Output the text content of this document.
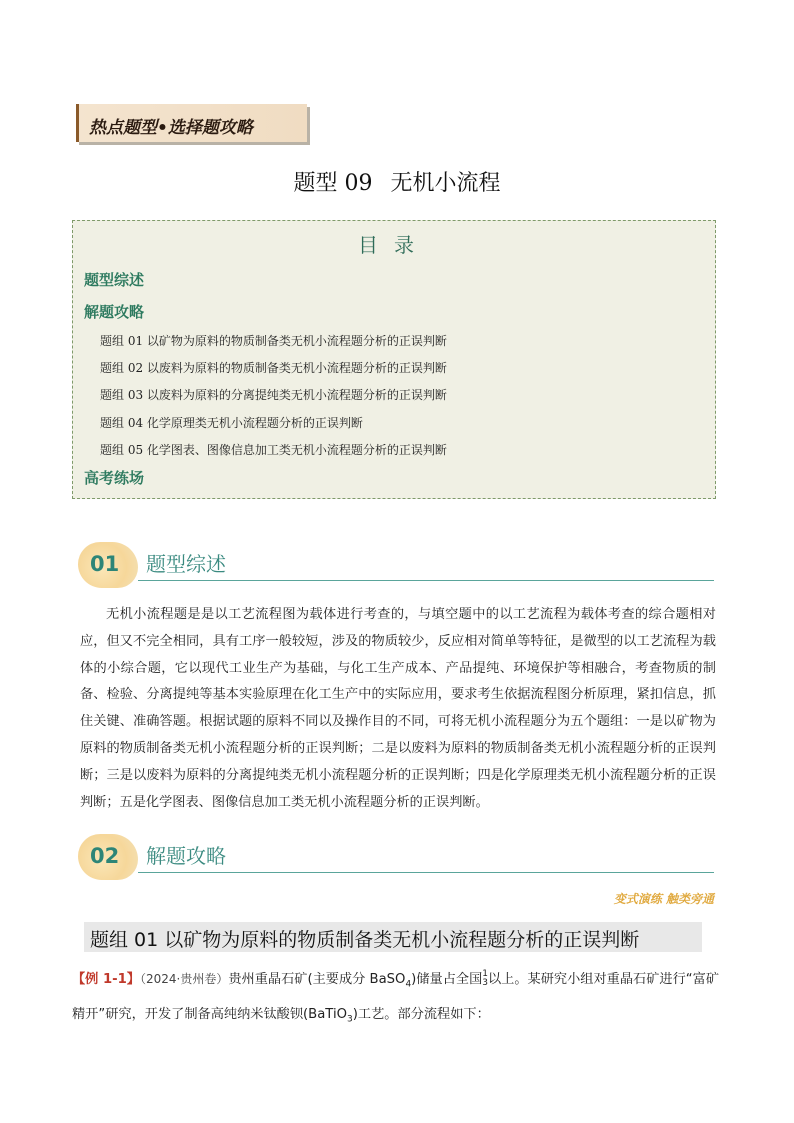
热点题型•选择题攻略
题型 09 无机小流程
目录
题型综述
解题攻略
题组 01 以矿物为原料的物质制备类无机小流程题分析的正误判断
题组 02 以废料为原料的物质制备类无机小流程题分析的正误判断
题组 03 以废料为原料的分离提纯类无机小流程题分析的正误判断
题组 04 化学原理类无机小流程题分析的正误判断
题组 05 化学图表、图像信息加工类无机小流程题分析的正误判断
高考练场
01 题型综述
无机小流程题是是以工艺流程图为载体进行考查的，与填空题中的以工艺流程为载体考查的综合题相对应，但又不完全相同，具有工序一般较短，涉及的物质较少，反应相对简单等特征，是微型的以工艺流程为载体的小综合题，它以现代工业生产为基础，与化工生产成本、产品提纯、环境保护等相融合，考查物质的制备、检验、分离提纯等基本实验原理在化工生产中的实际应用，要求考生依据流程图分析原理，紧扣信息，抓住关键、准确答题。根据试题的原料不同以及操作目的不同，可将无机小流程题分为五个题组：一是以矿物为原料的物质制备类无机小流程题分析的正误判断；二是以废料为原料的物质制备类无机小流程题分析的正误判断；三是以废料为原料的分离提纯类无机小流程题分析的正误判断；四是化学原理类无机小流程题分析的正误判断；五是化学图表、图像信息加工类无机小流程题分析的正误判断。
02 解题攻略
变式演练 触类旁通
题组 01 以矿物为原料的物质制备类无机小流程题分析的正误判断
【例 1-1】（2024·贵州卷）贵州重晶石矿(主要成分 BaSO$_4$)储量占全国1
3以上。某研究小组对重晶石矿进行“富矿精开”研究，开发了制备高纯纳米钛酸钡(BaTiO$_3$)工艺。部分流程如下：
